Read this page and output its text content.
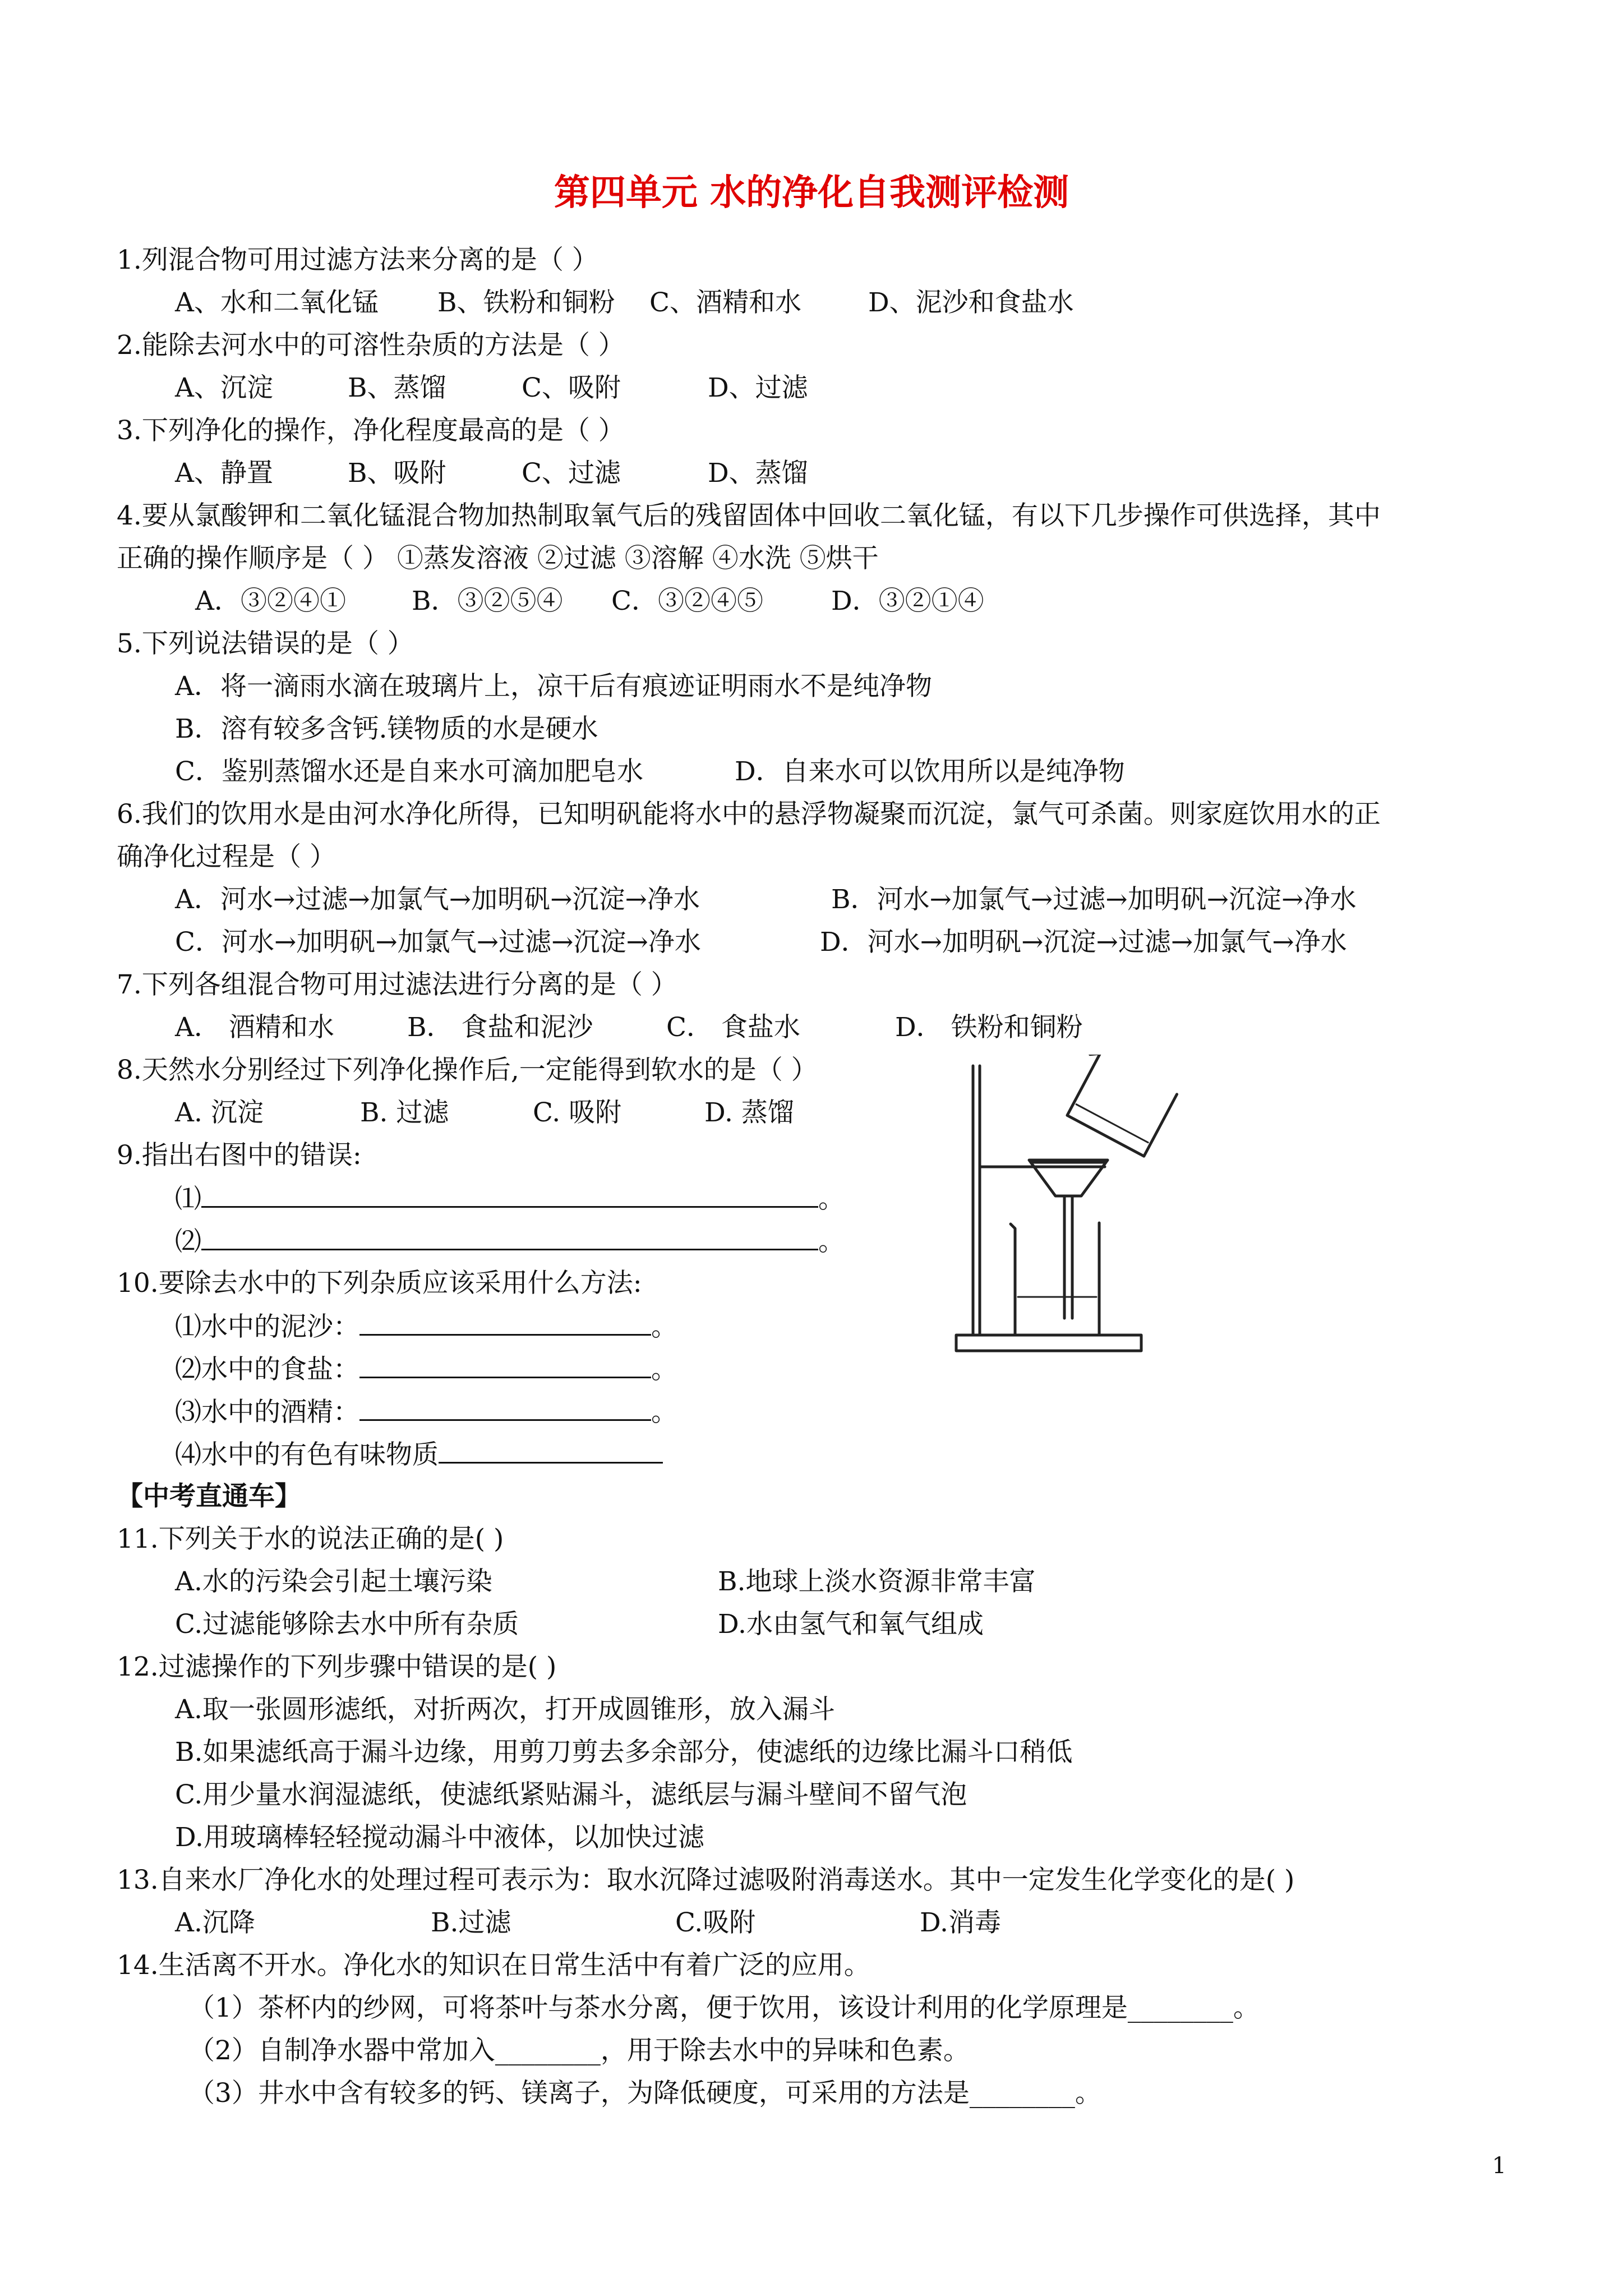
第四单元 水的净化自我测评检测
1.列混合物可用过滤方法来分离的是（ ）
A、水和二氧化锰 B、铁粉和铜粉 C、酒精和水	D、泥沙和食盐水
2.能除去河水中的可溶性杂质的方法是（ ）
A、沉淀	B、蒸馏	C、吸附	D、过滤
3.下列净化的操作，净化程度最高的是（ ）
A、静置	B、吸附	C、过滤	D、蒸馏
4.要从氯酸钾和二氧化锰混合物加热制取氧气后的残留固体中回收二氧化锰，有以下几步操作可供选择，其中
正确的操作顺序是（ ） ①蒸发溶液 ②过滤 ③溶解 ④水洗 ⑤烘干
A．③②④① B．③②⑤④ C．③②④⑤	D．③②①④
5.下列说法错误的是（ ）
A．将一滴雨水滴在玻璃片上，凉干后有痕迹证明雨水不是纯净物
B．溶有较多含钙.镁物质的水是硬水
C．鉴别蒸馏水还是自来水可滴加肥皂水	D．自来水可以饮用所以是纯净物
6.我们的饮用水是由河水净化所得，已知明矾能将水中的悬浮物凝聚而沉淀，氯气可杀菌。则家庭饮用水的正
确净化过程是（ ）
A．河水→过滤→加氯气→加明矾→沉淀→净水	B．河水→加氯气→过滤→加明矾→沉淀→净水
C．河水→加明矾→加氯气→过滤→沉淀→净水	D．河水→加明矾→沉淀→过滤→加氯气→净水
7.下列各组混合物可用过滤法进行分离的是（ ）
A． 酒精和水	B． 食盐和泥沙	C． 食盐水	D． 铁粉和铜粉
8.天然水分别经过下列净化操作后,一定能得到软水的是（ ）
A. 沉淀	B. 过滤	C. 吸附	D. 蒸馏
9.指出右图中的错误:
⑴	。
⑵	。
10.要除去水中的下列杂质应该采用什么方法:
⑴水中的泥沙：	。
⑵水中的食盐：	。
⑶水中的酒精：	。
⑷水中的有色有味物质
【中考直通车】
11.下列关于水的说法正确的是( )
A.水的污染会引起土壤污染	B.地球上淡水资源非常丰富
C.过滤能够除去水中所有杂质	D.水由氢气和氧气组成
12.过滤操作的下列步骤中错误的是( )
A.取一张圆形滤纸，对折两次，打开成圆锥形，放入漏斗
B.如果滤纸高于漏斗边缘，用剪刀剪去多余部分，使滤纸的边缘比漏斗口稍低
C.用少量水润湿滤纸，使滤纸紧贴漏斗，滤纸层与漏斗壁间不留气泡
D.用玻璃棒轻轻搅动漏斗中液体，以加快过滤
13.自来水厂净化水的处理过程可表示为：取水沉降过滤吸附消毒送水。其中一定发生化学变化的是( )
A.沉降	B.过滤	C.吸附	D.消毒
14.生活离不开水。净化水的知识在日常生活中有着广泛的应用。
（1）茶杯内的纱网，可将茶叶与茶水分离，便于饮用，该设计利用的化学原理是________。
（2）自制净水器中常加入________，用于除去水中的异味和色素。
（3）井水中含有较多的钙、镁离子，为降低硬度，可采用的方法是________。
1
